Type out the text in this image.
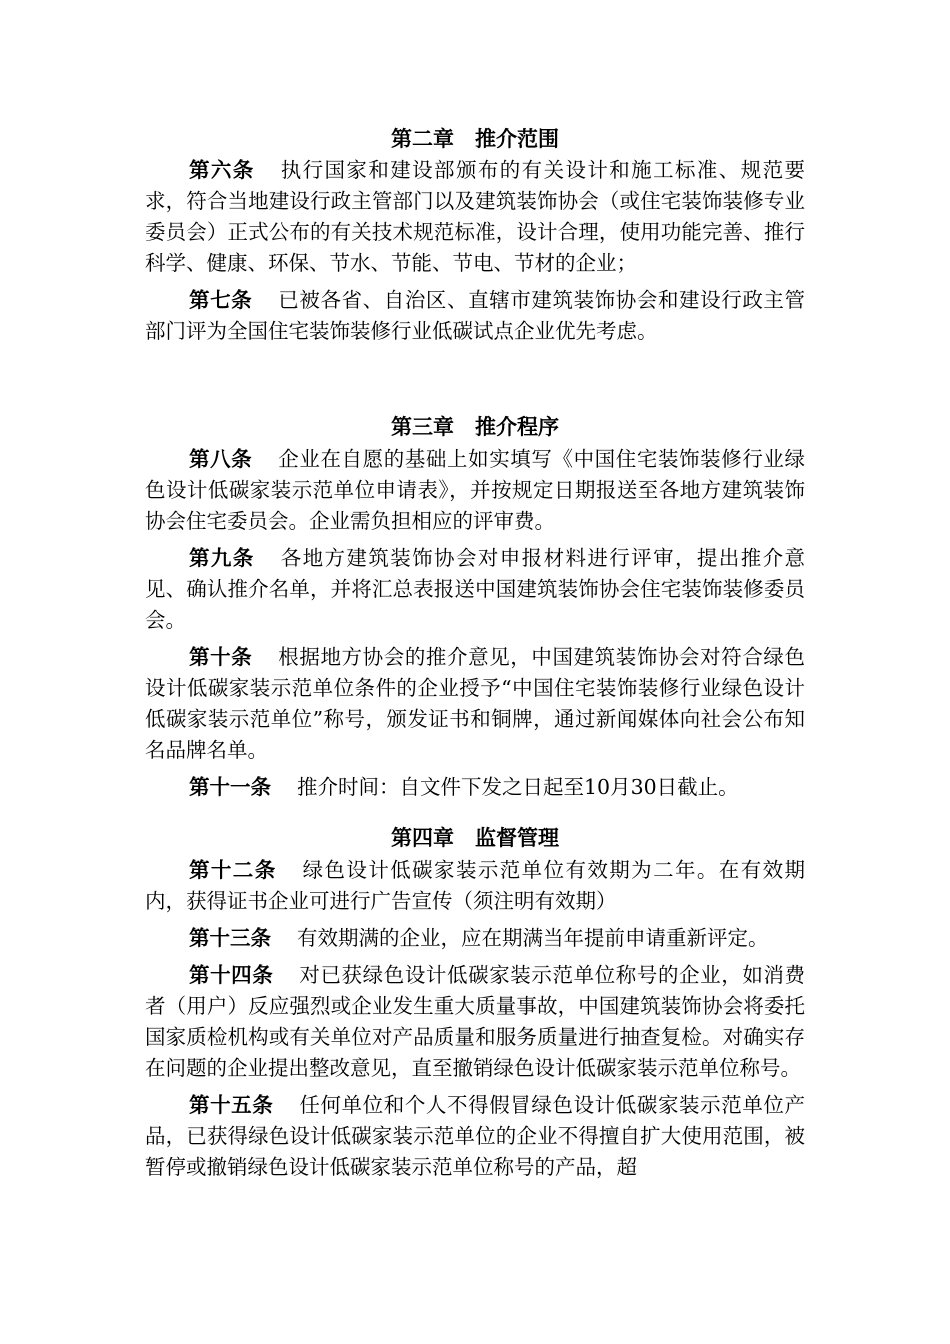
第二章　推介范围

第六条 执行国家和建设部颁布的有关设计和施工标准、规范要求，符合当地建设行政主管部门以及建筑装饰协会（或住宅装饰装修专业委员会）正式公布的有关技术规范标准，设计合理，使用功能完善、推行科学、健康、环保、节水、节能、节电、节材的企业；

第七条 已被各省、自治区、直辖市建筑装饰协会和建设行政主管部门评为全国住宅装饰装修行业低碳试点企业优先考虑。

第三章　推介程序

第八条 企业在自愿的基础上如实填写《中国住宅装饰装修行业绿色设计低碳家装示范单位申请表》，并按规定日期报送至各地方建筑装饰协会住宅委员会。企业需负担相应的评审费。

第九条 各地方建筑装饰协会对申报材料进行评审，提出推介意见、确认推介名单，并将汇总表报送中国建筑装饰协会住宅装饰装修委员会。

第十条 根据地方协会的推介意见，中国建筑装饰协会对符合绿色设计低碳家装示范单位条件的企业授予“中国住宅装饰装修行业绿色设计低碳家装示范单位”称号，颁发证书和铜牌，通过新闻媒体向社会公布知名品牌名单。

第十一条 推介时间：自文件下发之日起至10月30日截止。

第四章　监督管理

第十二条 绿色设计低碳家装示范单位有效期为二年。在有效期内，获得证书企业可进行广告宣传（须注明有效期）

第十三条 有效期满的企业，应在期满当年提前申请重新评定。

第十四条 对已获绿色设计低碳家装示范单位称号的企业，如消费者（用户）反应强烈或企业发生重大质量事故，中国建筑装饰协会将委托国家质检机构或有关单位对产品质量和服务质量进行抽查复检。对确实存在问题的企业提出整改意见，直至撤销绿色设计低碳家装示范单位称号。

第十五条 任何单位和个人不得假冒绿色设计低碳家装示范单位产品，已获得绿色设计低碳家装示范单位的企业不得擅自扩大使用范围，被暂停或撤销绿色设计低碳家装示范单位称号的产品，超
